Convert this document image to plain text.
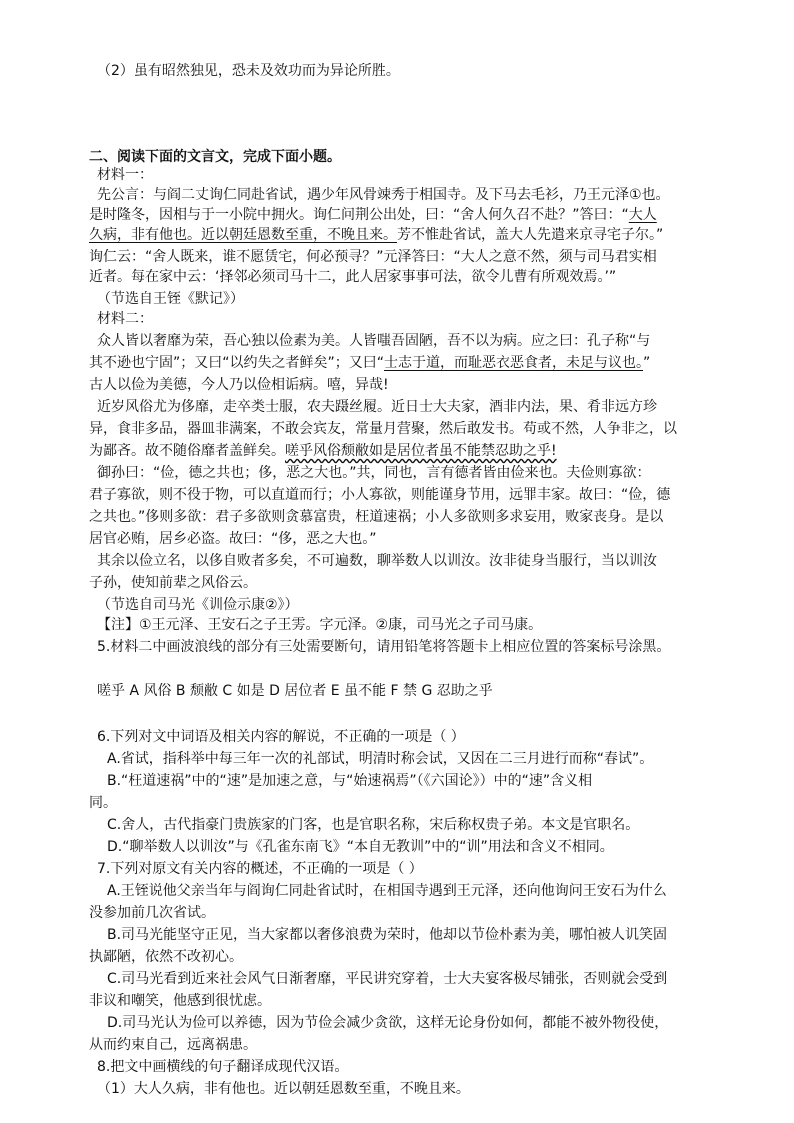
（2）虽有昭然独见，恐未及效功而为异论所胜。
二、阅读下面的文言文，完成下面小题。
材料一：
先公言：与阎二丈询仁同赴省试，遇少年风骨竦秀于相国寺。及下马去毛衫，乃王元泽①也。
是时隆冬，因相与于一小院中拥火。询仁问荆公出处，曰：“舍人何久召不赴？”答曰：“大人
久病，非有他也。近以朝廷恩数至重，不晚且来。芳不惟赴省试，盖大人先遣来京寻宅子尔。”
询仁云：“舍人既来，谁不愿赁宅，何必预寻？”元泽答曰：“大人之意不然，须与司马君实相
近者。每在家中云：‘择邻必须司马十二，此人居家事事可法，欲令儿曹有所观效焉。’”
（节选自王铚《默记》）
材料二：
众人皆以奢靡为荣，吾心独以俭素为美。人皆嗤吾固陋，吾不以为病。应之曰：孔子称“与
其不逊也宁固”；又曰“以约失之者鲜矣”；又曰“士志于道，而耻恶衣恶食者，未足与议也。”
古人以俭为美德，今人乃以俭相诟病。嘻，异哉!
近岁风俗尤为侈靡，走卒类士服，农夫蹑丝履。近日士大夫家，酒非内法，果、肴非远方珍
异，食非多品，器皿非满案，不敢会宾友，常量月营聚，然后敢发书。苟或不然，人争非之，以
为鄙吝。故不随俗靡者盖鲜矣。嗟乎风俗颓敝如是居位者虽不能禁忍助之乎!
御孙曰：“俭，德之共也；侈，恶之大也。”共，同也，言有德者皆由俭来也。夫俭则寡欲：
君子寡欲，则不役于物，可以直道而行；小人寡欲，则能谨身节用，远罪丰家。故曰：“俭，德
之共也。”侈则多欲：君子多欲则贪慕富贵，枉道速祸；小人多欲则多求妄用，败家丧身。是以
居官必贿，居乡必盗。故曰：“侈，恶之大也。”
其余以俭立名，以侈自败者多矣，不可遍数，聊举数人以训汝。汝非徒身当服行，当以训汝
子孙，使知前辈之风俗云。
（节选自司马光《训俭示康②》）
【注】①王元泽、王安石之子王雱。字元泽。②康，司马光之子司马康。
5.材料二中画波浪线的部分有三处需要断句，请用铅笔将答题卡上相应位置的答案标号涂黑。
嗟乎 A 风俗 B 颓敝 C 如是 D 居位者 E 虽不能 F 禁 G 忍助之乎
6.下列对文中词语及相关内容的解说，不正确的一项是（ ）
A.省试，指科举中每三年一次的礼部试，明清时称会试，又因在二三月进行而称“春试”。
B.“枉道速祸”中的“速”是加速之意，与“始速祸焉”（《六国论》）中的“速”含义相
同。
C.舍人，古代指豪门贵族家的门客，也是官职名称，宋后称权贵子弟。本文是官职名。
D.“聊举数人以训汝”与《孔雀东南飞》“本自无教训”中的“训”用法和含义不相同。
7.下列对原文有关内容的概述，不正确的一项是（ ）
A.王铚说他父亲当年与阎询仁同赴省试时，在相国寺遇到王元泽，还向他询问王安石为什么
没参加前几次省试。
B.司马光能坚守正见，当大家都以奢侈浪费为荣时，他却以节俭朴素为美，哪怕被人讥笑固
执鄙陋，依然不改初心。
C.司马光看到近来社会风气日渐奢靡，平民讲究穿着，士大夫宴客极尽铺张，否则就会受到
非议和嘲笑，他感到很忧虑。
D.司马光认为俭可以养德，因为节俭会减少贪欲，这样无论身份如何，都能不被外物役使，
从而约束自己，远离祸患。
8.把文中画横线的句子翻译成现代汉语。
（1）大人久病，非有他也。近以朝廷恩数至重，不晚且来。
